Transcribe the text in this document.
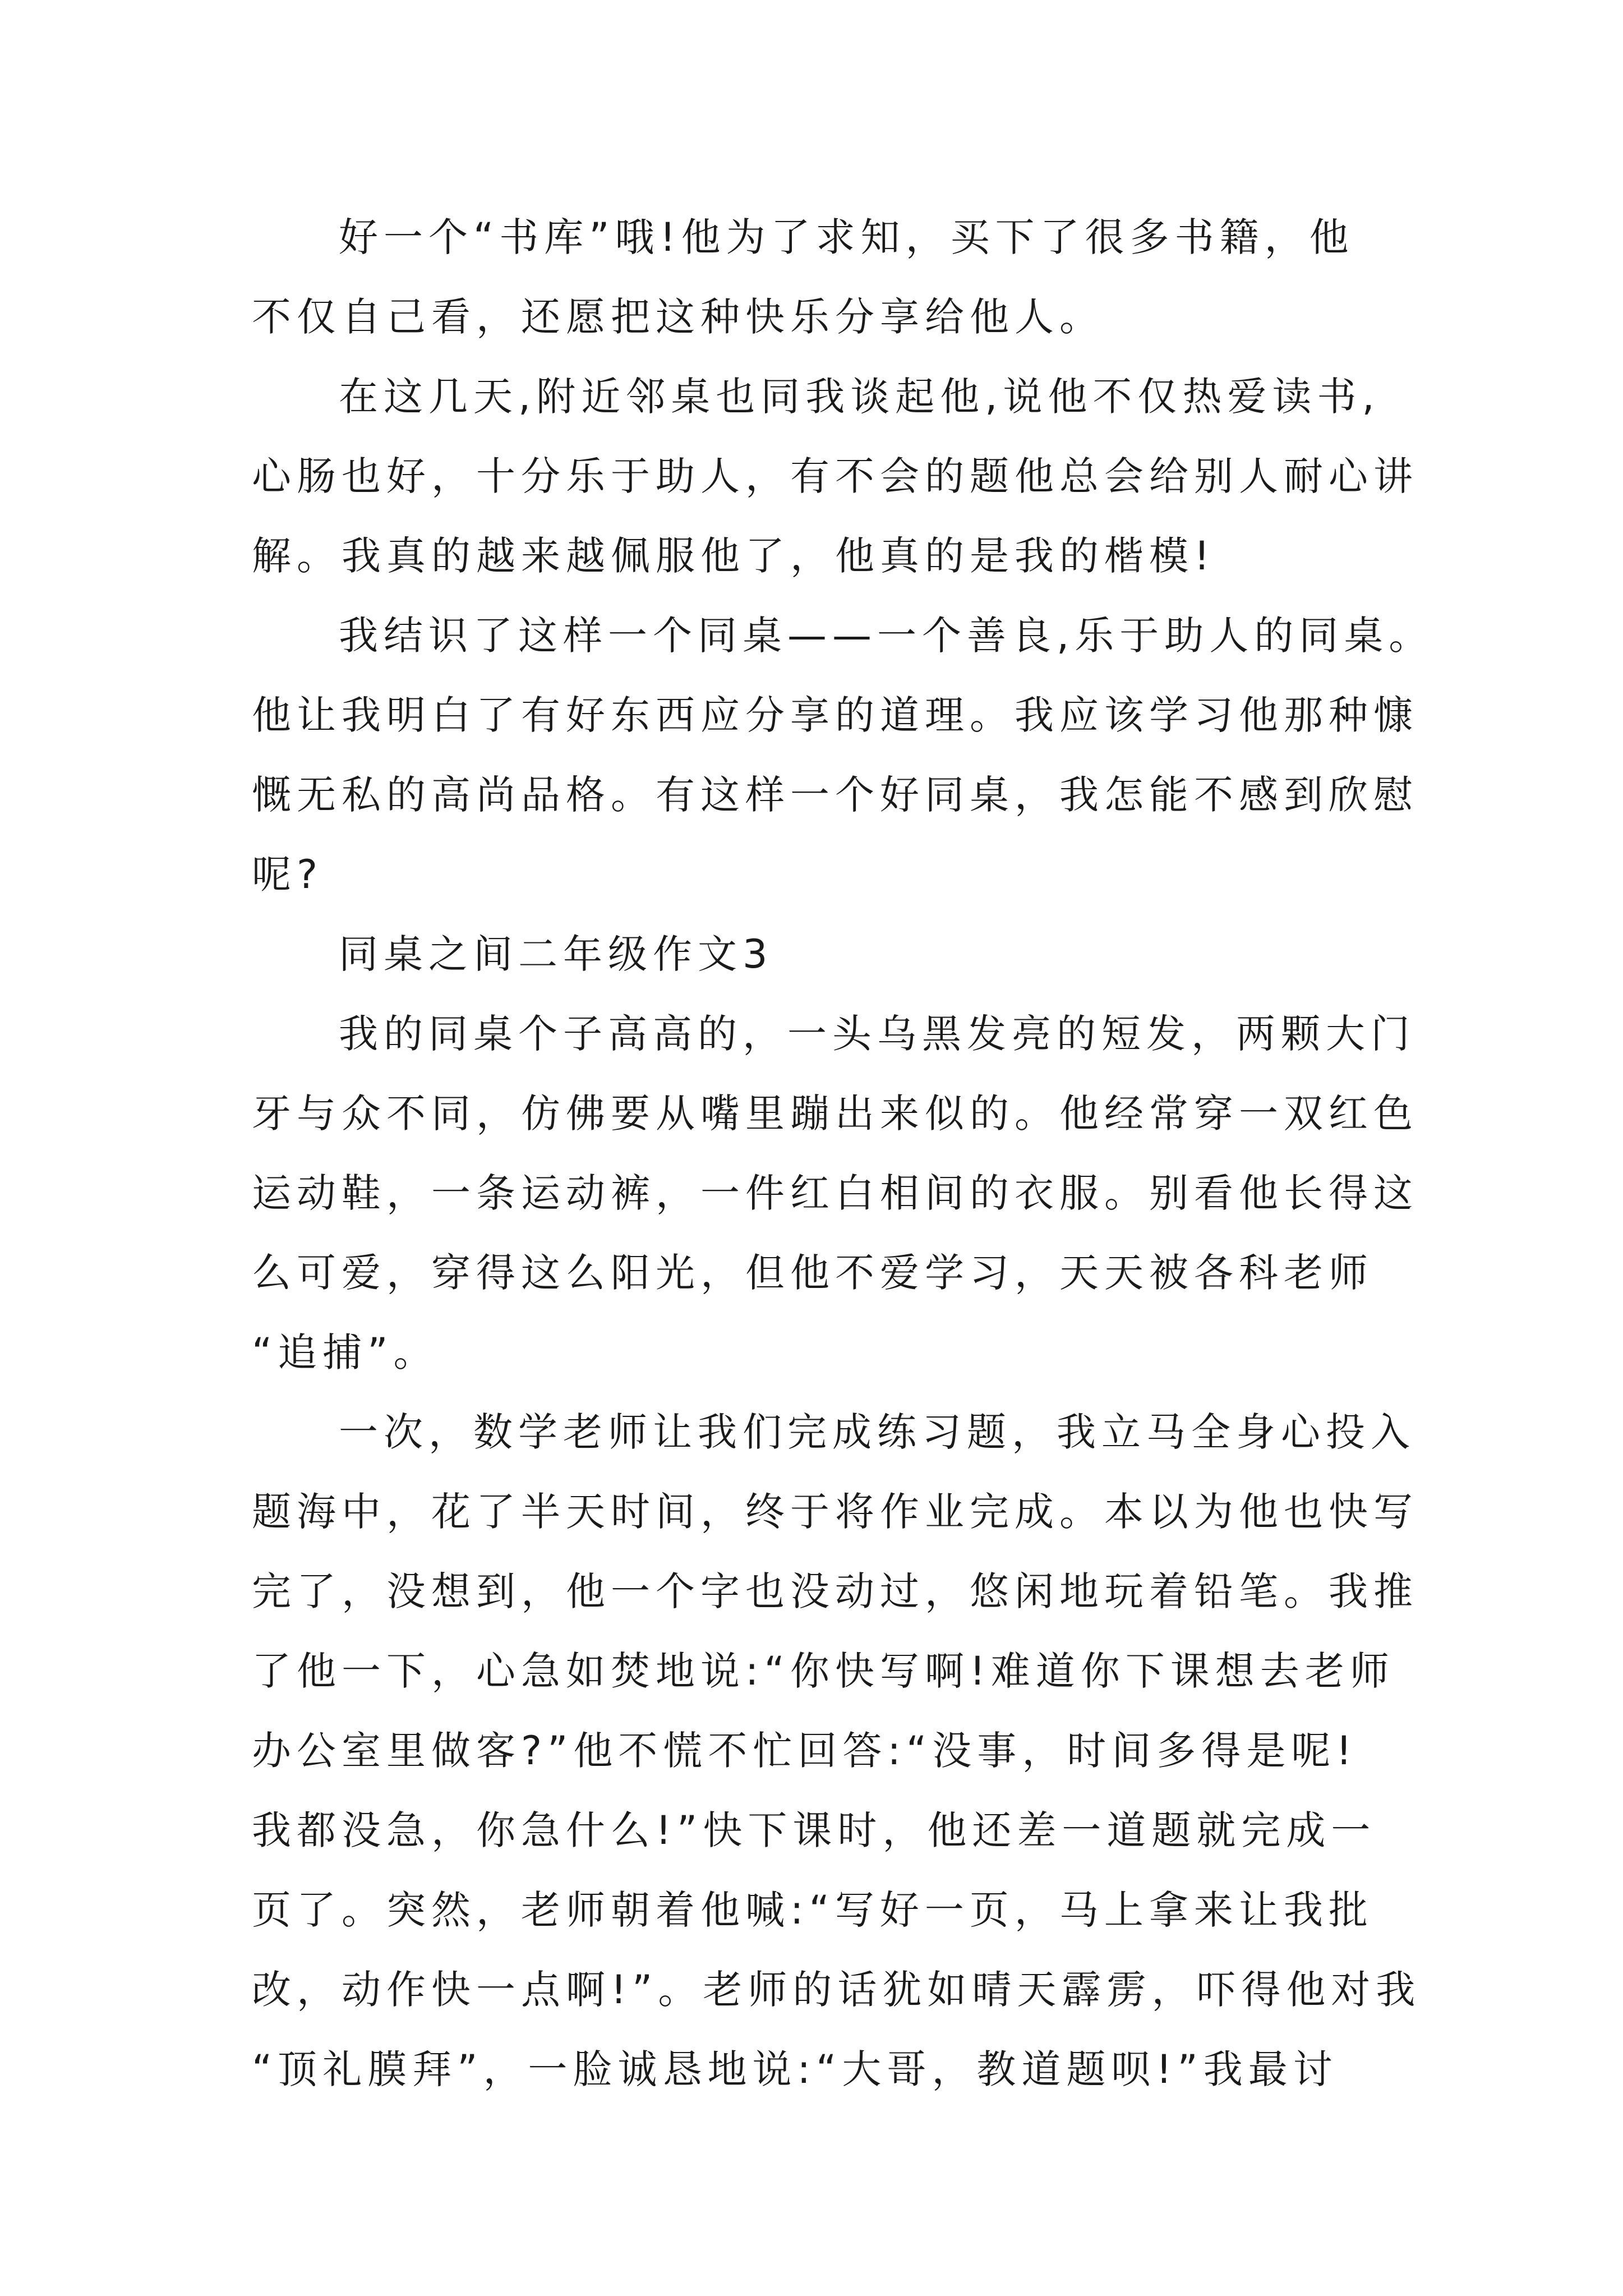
好一个“书库”哦!他为了求知，买下了很多书籍，他
不仅自己看，还愿把这种快乐分享给他人。
在这几天,附近邻桌也同我谈起他,说他不仅热爱读书,
心肠也好，十分乐于助人，有不会的题他总会给别人耐心讲
解。我真的越来越佩服他了，他真的是我的楷模!
我结识了这样一个同桌——一个善良,乐于助人的同桌。
他让我明白了有好东西应分享的道理。我应该学习他那种慷
慨无私的高尚品格。有这样一个好同桌，我怎能不感到欣慰
呢?
同桌之间二年级作文3
我的同桌个子高高的，一头乌黑发亮的短发，两颗大门
牙与众不同，仿佛要从嘴里蹦出来似的。他经常穿一双红色
运动鞋，一条运动裤，一件红白相间的衣服。别看他长得这
么可爱，穿得这么阳光，但他不爱学习，天天被各科老师
“追捕”。
一次，数学老师让我们完成练习题，我立马全身心投入
题海中，花了半天时间，终于将作业完成。本以为他也快写
完了，没想到，他一个字也没动过，悠闲地玩着铅笔。我推
了他一下，心急如焚地说:“你快写啊!难道你下课想去老师
办公室里做客?”他不慌不忙回答:“没事，时间多得是呢!
我都没急，你急什么!”快下课时，他还差一道题就完成一
页了。突然，老师朝着他喊:“写好一页，马上拿来让我批
改，动作快一点啊!”。老师的话犹如晴天霹雳，吓得他对我
“顶礼膜拜”，一脸诚恳地说:“大哥，教道题呗!”我最讨
